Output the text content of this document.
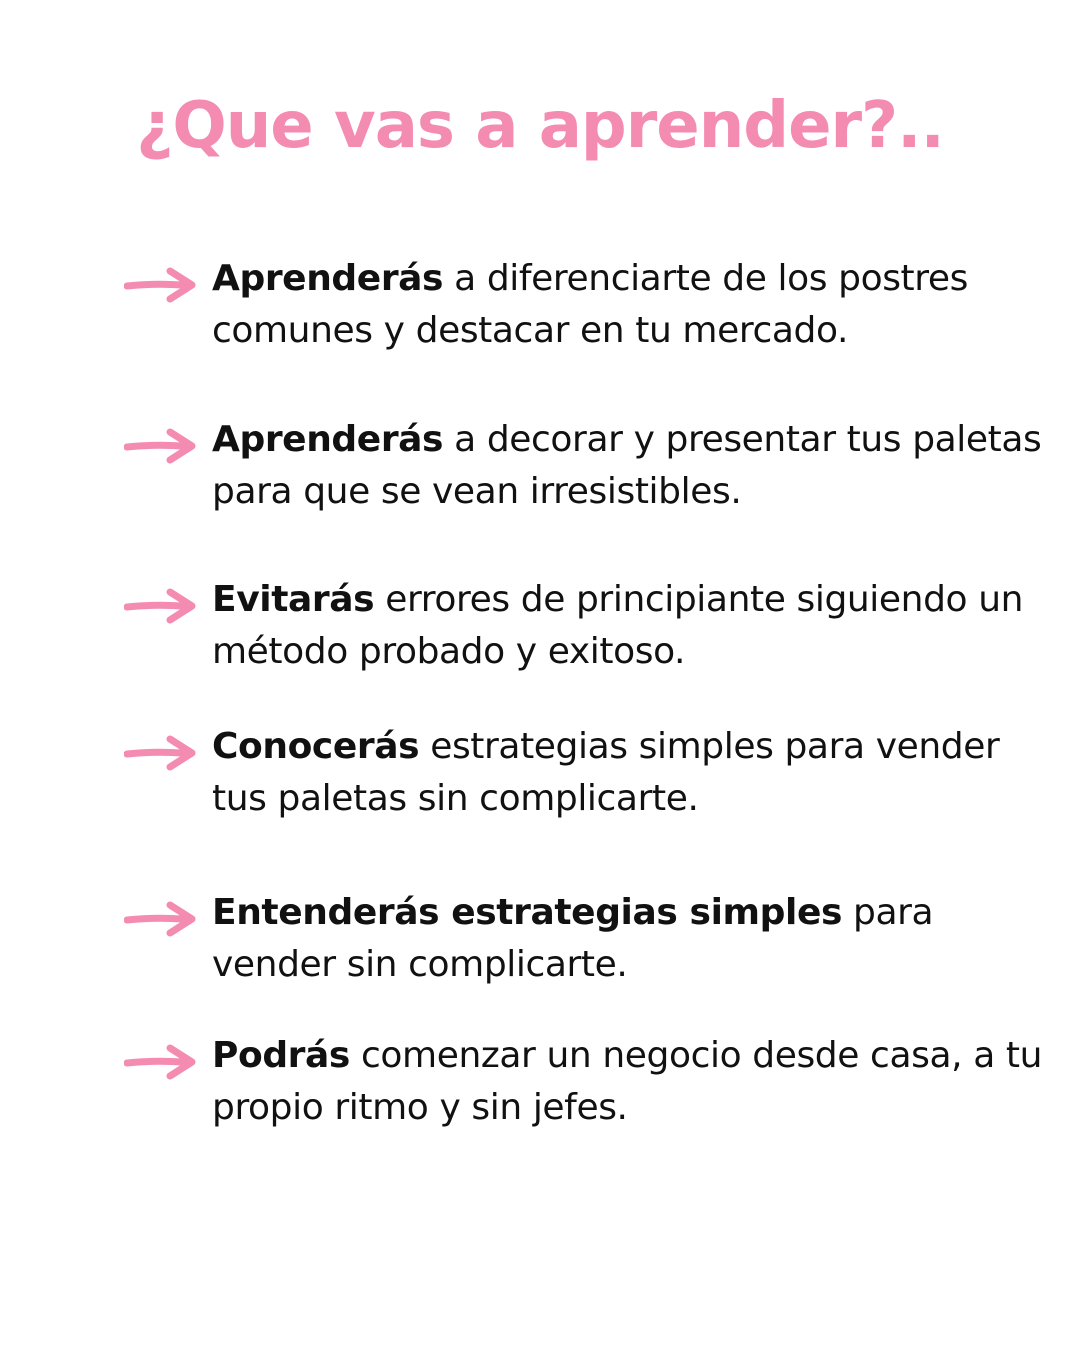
¿Que vas a aprender?..

Aprenderás a diferenciarte de los postres comunes y destacar en tu mercado.

Aprenderás a decorar y presentar tus paletas para que se vean irresistibles.

Evitarás errores de principiante siguiendo un método probado y exitoso.

Conocerás estrategias simples para vender tus paletas sin complicarte.

Entenderás estrategias simples para vender sin complicarte.

Podrás comenzar un negocio desde casa, a tu propio ritmo y sin jefes.
